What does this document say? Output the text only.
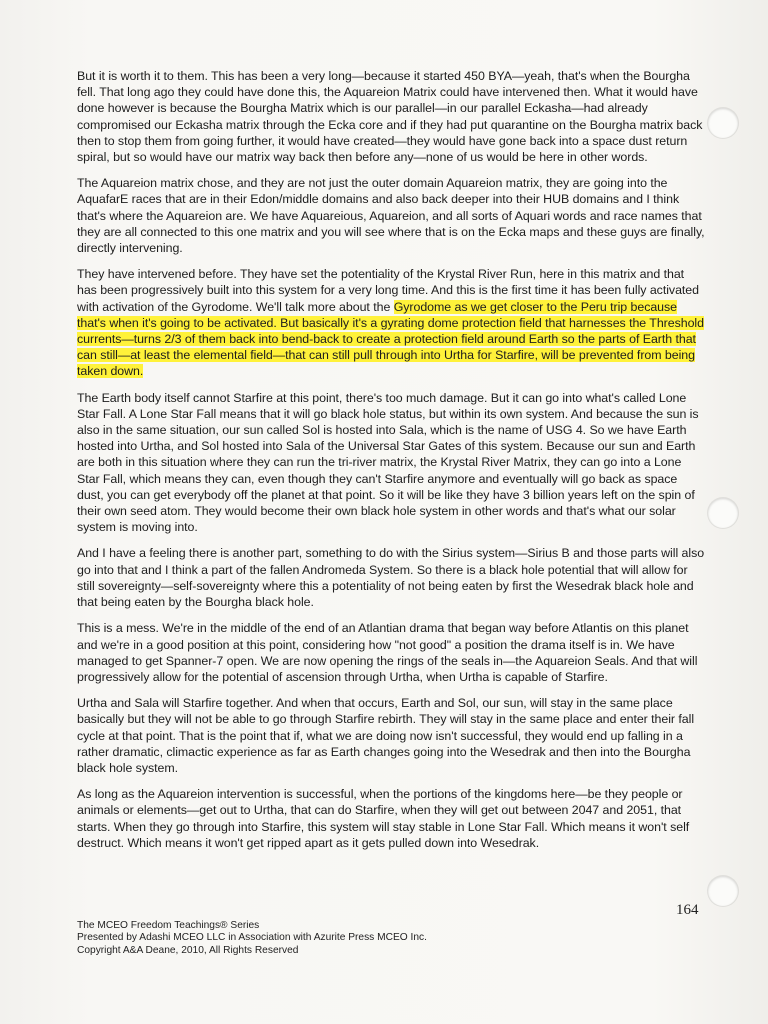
But it is worth it to them. This has been a very long—because it started 450 BYA—yeah, that's when the Bourgha fell. That long ago they could have done this, the Aquareion Matrix could have intervened then. What it would have done however is because the Bourgha Matrix which is our parallel—in our parallel Eckasha—had already compromised our Eckasha matrix through the Ecka core and if they had put quarantine on the Bourgha matrix back then to stop them from going further, it would have created—they would have gone back into a space dust return spiral, but so would have our matrix way back then before any—none of us would be here in other words.

The Aquareion matrix chose, and they are not just the outer domain Aquareion matrix, they are going into the AquafarE races that are in their Edon/middle domains and also back deeper into their HUB domains and I think that's where the Aquareion are. We have Aquareious, Aquareion, and all sorts of Aquari words and race names that they are all connected to this one matrix and you will see where that is on the Ecka maps and these guys are finally, directly intervening.

They have intervened before. They have set the potentiality of the Krystal River Run, here in this matrix and that has been progressively built into this system for a very long time. And this is the first time it has been fully activated with activation of the Gyrodome. We'll talk more about the Gyrodome as we get closer to the Peru trip because that's when it's going to be activated. But basically it's a gyrating dome protection field that harnesses the Threshold currents—turns 2/3 of them back into bend-back to create a protection field around Earth so the parts of Earth that can still—at least the elemental field—that can still pull through into Urtha for Starfire, will be prevented from being taken down.

The Earth body itself cannot Starfire at this point, there's too much damage. But it can go into what's called Lone Star Fall. A Lone Star Fall means that it will go black hole status, but within its own system. And because the sun is also in the same situation, our sun called Sol is hosted into Sala, which is the name of USG 4. So we have Earth hosted into Urtha, and Sol hosted into Sala of the Universal Star Gates of this system. Because our sun and Earth are both in this situation where they can run the tri-river matrix, the Krystal River Matrix, they can go into a Lone Star Fall, which means they can, even though they can't Starfire anymore and eventually will go back as space dust, you can get everybody off the planet at that point. So it will be like they have 3 billion years left on the spin of their own seed atom. They would become their own black hole system in other words and that's what our solar system is moving into.

And I have a feeling there is another part, something to do with the Sirius system—Sirius B and those parts will also go into that and I think a part of the fallen Andromeda System. So there is a black hole potential that will allow for still sovereignty—self-sovereignty where this a potentiality of not being eaten by first the Wesedrak black hole and that being eaten by the Bourgha black hole.

This is a mess. We're in the middle of the end of an Atlantian drama that began way before Atlantis on this planet and we're in a good position at this point, considering how "not good" a position the drama itself is in. We have managed to get Spanner-7 open. We are now opening the rings of the seals in—the Aquareion Seals. And that will progressively allow for the potential of ascension through Urtha, when Urtha is capable of Starfire.

Urtha and Sala will Starfire together. And when that occurs, Earth and Sol, our sun, will stay in the same place basically but they will not be able to go through Starfire rebirth. They will stay in the same place and enter their fall cycle at that point. That is the point that if, what we are doing now isn't successful, they would end up falling in a rather dramatic, climactic experience as far as Earth changes going into the Wesedrak and then into the Bourgha black hole system.

As long as the Aquareion intervention is successful, when the portions of the kingdoms here—be they people or animals or elements—get out to Urtha, that can do Starfire, when they will get out between 2047 and 2051, that starts. When they go through into Starfire, this system will stay stable in Lone Star Fall. Which means it won't self destruct. Which means it won't get ripped apart as it gets pulled down into Wesedrak.

164
The MCEO Freedom Teachings® Series
Presented by Adashi MCEO LLC in Association with Azurite Press MCEO Inc.
Copyright A&A Deane, 2010, All Rights Reserved
